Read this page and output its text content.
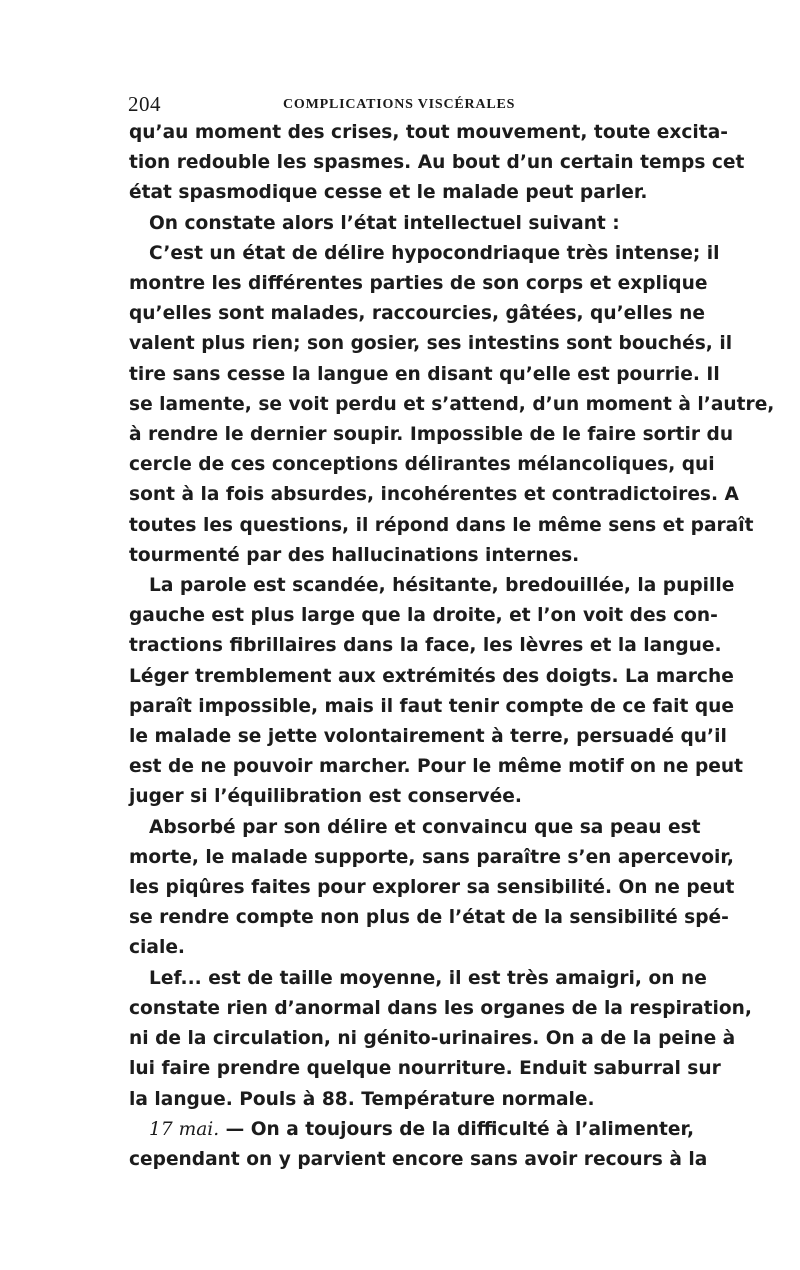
204	COMPLICATIONS VISCÉRALES
qu’au moment des crises, tout mouvement, toute excita-
tion redouble les spasmes. Au bout d’un certain temps cet
état spasmodique cesse et le malade peut parler.
On constate alors l’état intellectuel suivant :
C’est un état de délire hypocondriaque très intense; il
montre les différentes parties de son corps et explique
qu’elles sont malades, raccourcies, gâtées, qu’elles ne
valent plus rien; son gosier, ses intestins sont bouchés, il
tire sans cesse la langue en disant qu’elle est pourrie. Il
se lamente, se voit perdu et s’attend, d’un moment à l’autre,
à rendre le dernier soupir. Impossible de le faire sortir du
cercle de ces conceptions délirantes mélancoliques, qui
sont à la fois absurdes, incohérentes et contradictoires. A
toutes les questions, il répond dans le même sens et paraît
tourmenté par des hallucinations internes.
La parole est scandée, hésitante, bredouillée, la pupille
gauche est plus large que la droite, et l’on voit des con-
tractions fibrillaires dans la face, les lèvres et la langue.
Léger tremblement aux extrémités des doigts. La marche
paraît impossible, mais il faut tenir compte de ce fait que
le malade se jette volontairement à terre, persuadé qu’il
est de ne pouvoir marcher. Pour le même motif on ne peut
juger si l’équilibration est conservée.
Absorbé par son délire et convaincu que sa peau est
morte, le malade supporte, sans paraître s’en apercevoir,
les piqûres faites pour explorer sa sensibilité. On ne peut
se rendre compte non plus de l’état de la sensibilité spé-
ciale.
Lef... est de taille moyenne, il est très amaigri, on ne
constate rien d’anormal dans les organes de la respiration,
ni de la circulation, ni génito-urinaires. On a de la peine à
lui faire prendre quelque nourriture. Enduit saburral sur
la langue. Pouls à 88. Température normale.
17 mai. — On a toujours de la difficulté à l’alimenter,
cependant on y parvient encore sans avoir recours à la
